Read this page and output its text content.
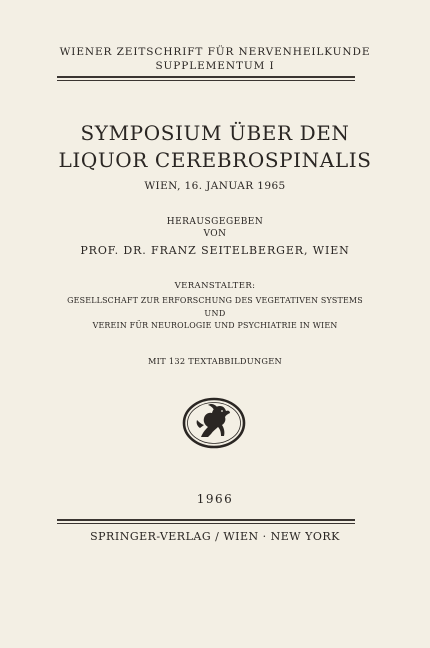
WIENER ZEITSCHRIFT FÜR NERVENHEILKUNDE
SUPPLEMENTUM I
SYMPOSIUM ÜBER DEN
LIQUOR CEREBROSPINALIS
WIEN, 16. JANUAR 1965
HERAUSGEGEBEN
VON
PROF. DR. FRANZ SEITELBERGER, WIEN
VERANSTALTER:
GESELLSCHAFT ZUR ERFORSCHUNG DES VEGETATIVEN SYSTEMS
UND
VEREIN FÜR NEUROLOGIE UND PSYCHIATRIE IN WIEN
MIT 132 TEXTABBILDUNGEN
1966
SPRINGER-VERLAG / WIEN · NEW YORK
